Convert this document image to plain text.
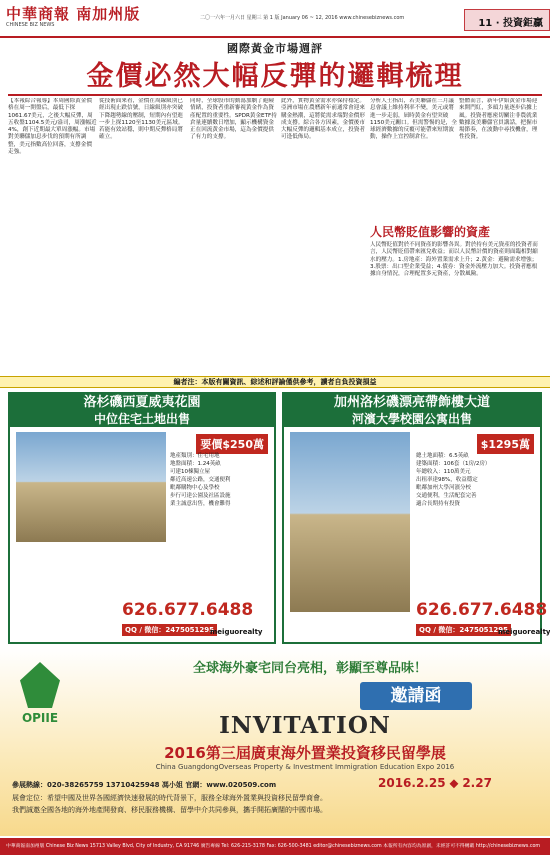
中華商報 南加州版
CHINESE BIZ NEWS
二〇一六年一月六日 星期三 第 1 版 January 06 ~ 12, 2016 www.chinesebiznews.com	11 · 投資鉅贏
國際黃金市場週評
金價必然大幅反彈的邏輯梳理
【本報綜合報導】本周國際黃金價格在周一開盤后，最低下探1061.67美元，之後大幅反彈，周五收盤1104.5美元/盎司，周漲幅近4%，創下近期最大單周漲幅。市場對美聯儲加息步伐的預期有所調整，美元指數高位回落，支撐金價走強。
從技術面來看，金價在周線級別已經出現止跌信號，日線級別亦突破下降趨勢線的壓制，短期內有望進一步上探1120至1130美元區域。若能有效站穩，則中期反彈格局將確立。
同時，全球股市的動蕩加劇了避險情緒，投資者重新審視黃金作為資產配置的重要性。SPDR黃金ETF持倉量連續數日增加，顯示機構資金正在回流黃金市場，這為金價提供了有力的支撐。
此外，實物黃金需求亦保持穩定。亞洲市場在農曆新年前通常會迎來購金熱潮，這將從需求端對金價形成支撐。綜合各方因素，金價後市大幅反彈的邏輯基本成立，投資者可逢低佈局。
分析人士指出，若美聯儲在三月議息會議上維持利率不變，美元或將進一步走弱，屆時黃金有望突破1150美元關口。但需警惕的是，全球經濟數據的反覆可能帶來短期波動，操作上宜控制倉位。
整體而言，新年伊始黃金市場迎來開門紅，多頭力量逐步佔據上風。投資者應密切關注非農就業數據及美聯儲官員講話，把握市場節奏，在波動中尋找機會，理性投資。
人民幣貶值影響的資產

人民幣貶值對於不同資產的影響各異。對於持有美元資產的投資者而言，人民幣貶值帶來匯兌收益；而以人民幣計價的資產則面臨相對縮水的壓力。1.房地產：海外置業需求上升；2.黃金：避險需求增強；3.股票：出口型企業受益；4.債券：資金外流壓力加大。投資者應根據自身情況，合理配置多元資產，分散風險。

編者注：本版有關資訊、綜述和評論僅供參考，讀者自負投資損益
洛杉磯西夏威夷花園
中位住宅土地出售
要價$250萬
地產類別：住宅用地
地盤面積：1.24英畝
可建10棟獨立屋
鄰近高速公路，交通便利
毗鄰購物中心及學校
步行可達公園及社區設施
業主誠意出售，機會難得
626.677.6488
QQ / 微信：2475051295
meiguorealty
加州洛杉磯漂亮帶飾樓大道
河濱大學校園公寓出售
$1295萬
總土地面積：6.5英畝
建築面積：106套（1房/2房）
年總收入：110萬美元
出租率達98%，收益穩定
毗鄰加州大學河濱分校
交通便利，生活配套完善
適合長期持有投資
626.677.6488
QQ / 微信：2475051295
meiguorealty
OPIIE
全球海外豪宅同台亮相，彰顯至尊品味！
邀請函
INVITATION
2016第三屆廣東海外置業投資移民留學展
China GuangdongOverseas Property & Investment Immigration Education Expo 2016
參展熱線：020-38265759 13710425948 馮小姐 官網：www.020509.com	2016.2.25 ⬥ 2.27
展會定位：希望中國及世界各國經濟快速發展的時代背景下，服務全球海外置業與投資移民留學商會。
我們誠邀全國各地的海外地產開發商、移民服務機構、留學中介共同參與，攜手開拓廣闊的中國市場。
中華商報南加州版 Chinese Biz News 15713 Valley Blvd, City of Industry, CA 91746 廣告專線 Tel: 626-215-3178 Fax: 626-500-3481 editor@chinesebiznews.com 本報所有內容均為原創，未經許可不得轉載 http://chinesebiznews.com
